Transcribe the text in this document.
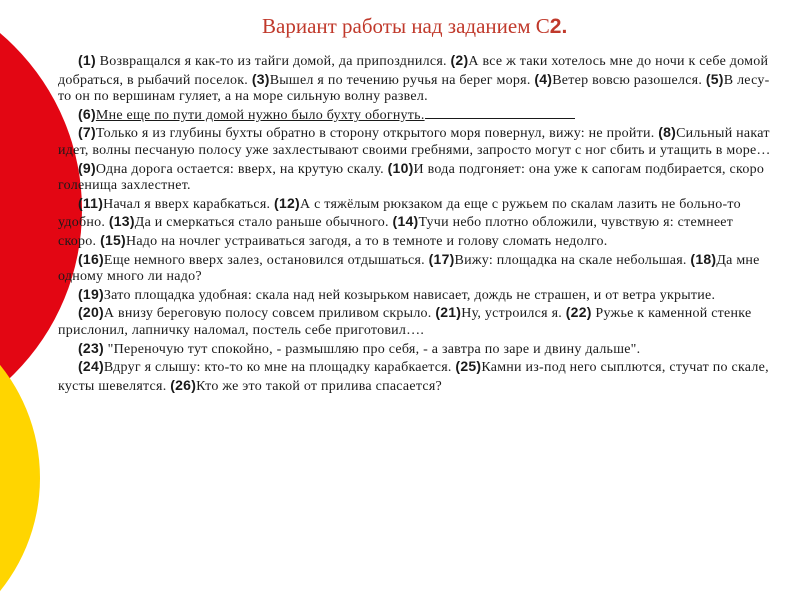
Вариант работы над заданием С2.

(1) Возвращался я как-то из тайги домой, да припозднился. (2)А все ж таки хотелось мне до ночи к себе домой добраться, в рыбачий поселок. (3)Вышел я по течению ручья на берег моря. (4)Ветер вовсю разошелся. (5)В лесу-то он по вершинам гуляет, а на море сильную волну развел.

(6)Мне еще по пути домой нужно было бухту обогнуть.

(7)Только я из глубины бухты обратно в сторону открытого моря повернул, вижу: не пройти. (8)Сильный накат идет, волны песчаную полосу уже захлестывают своими гребнями, запросто могут с ног сбить и утащить в море…

(9)Одна дорога остается: вверх, на крутую скалу. (10)И вода подгоняет: она уже к сапогам подбирается, скоро голенища захлестнет.

(11)Начал я вверх карабкаться. (12)А с тяжёлым рюкзаком да еще с ружьем по скалам лазить не больно-то удобно. (13)Да и смеркаться стало раньше обычного. (14)Тучи небо плотно обложили, чувствую я: стемнеет скоро. (15)Надо на ночлег устраиваться загодя, а то в темноте и голову сломать недолго.

(16)Еще немного вверх залез, остановился отдышаться. (17)Вижу: площадка на скале небольшая. (18)Да мне одному много ли надо?

(19)Зато площадка удобная: скала над ней козырьком нависает, дождь не страшен, и от ветра укрытие.

(20)А внизу береговую полосу совсем приливом скрыло. (21)Ну, устроился я. (22) Ружье к каменной стенке прислонил, лапничку наломал, постель себе приготовил….

(23) "Переночую тут спокойно, - размышляю про себя, - а завтра по заре и двину дальше".

(24)Вдруг я слышу: кто-то ко мне на площадку карабкается. (25)Камни из-под него сыплются, стучат по скале, кусты шевелятся. (26)Кто же это такой от прилива спасается?
